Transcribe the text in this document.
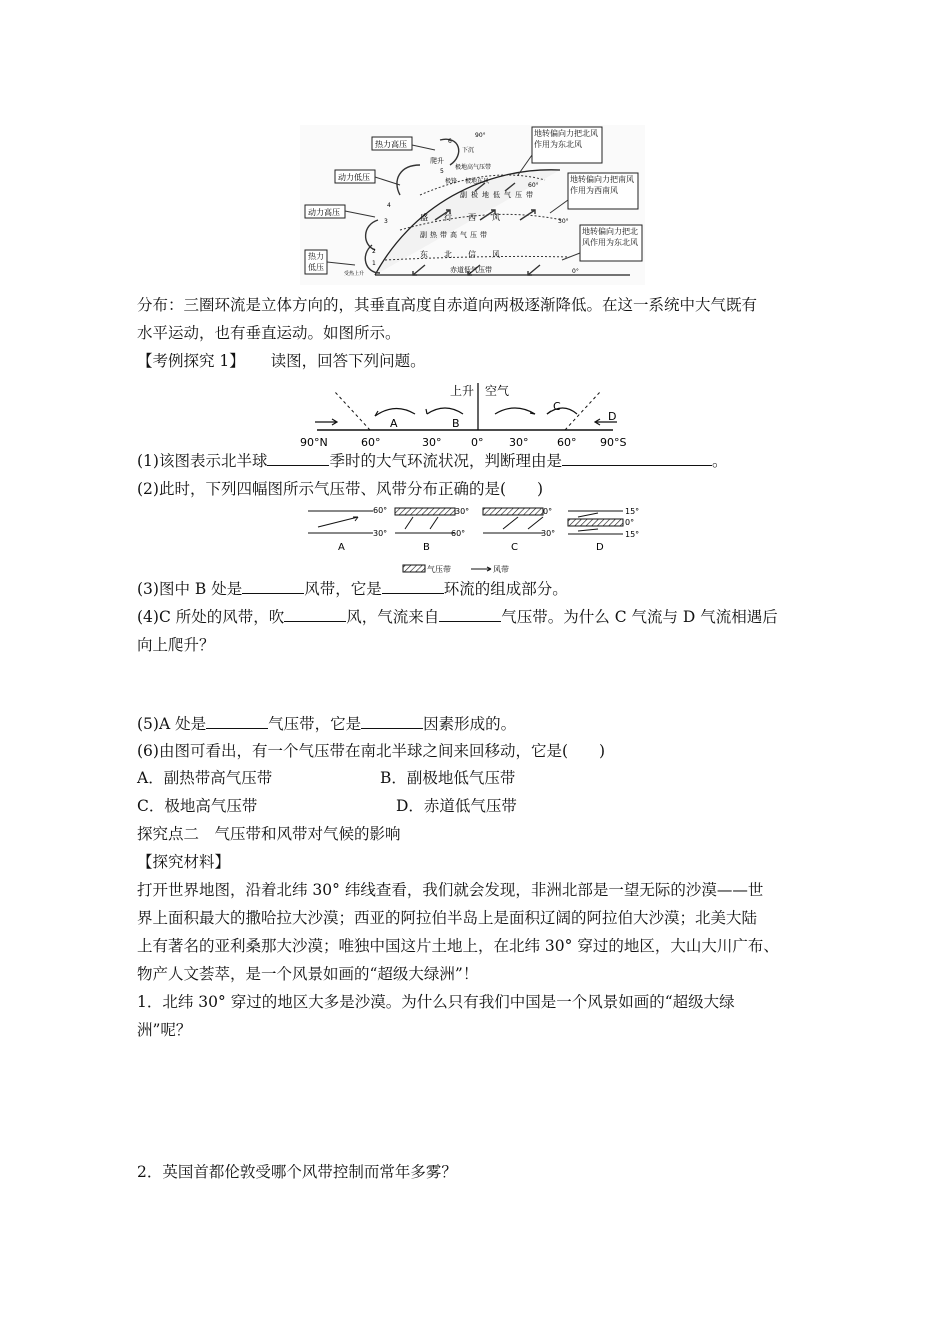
6
下沉
90°
爬升
5
极地高气压带
极锋 极地东风
副极地低气压带
60°
4
3	盛行西风	30°
副热带高气压带
东北信风
2
1
受热上升	赤道低气压带	0°
热力高压
动力低压
动力高压
热力低压
地转偏向力把北风作用为东北风
地转偏向力把南风作用为西南风
地转偏向力把北风作用为东北风
分布：三圈环流是立体方向的，其垂直高度自赤道向两极逐渐降低。在这一系统中大气既有
水平运动，也有垂直运动。如图所示。
【考例探究 1】 读图，回答下列问题。
上升 空气
A	B
C
D
90°N	60°	30°	0° 30°	60° 90°S
(1)该图表示北半球	季时的大气环流状况，判断理由是	。
(2)此时，下列四幅图所示气压带、风带分布正确的是(　　)
60°
30°
A
30°
60°
B
0°
30°
C
15°
0°
15°
D
气压带	风带
(3)图中 B 处是	风带，它是	环流的组成部分。
(4)C 所处的风带，吹	风，气流来自	气压带。为什么 C 气流与 D 气流相遇后
向上爬升？
(5)A 处是	气压带，它是	因素形成的。
(6)由图可看出，有一个气压带在南北半球之间来回移动，它是(　　)
A．副热带高气压带	B．副极地低气压带
C．极地高气压带	D．赤道低气压带
探究点二　气压带和风带对气候的影响
【探究材料】
打开世界地图，沿着北纬 30° 纬线查看，我们就会发现，非洲北部是一望无际的沙漠——世
界上面积最大的撒哈拉大沙漠；西亚的阿拉伯半岛上是面积辽阔的阿拉伯大沙漠；北美大陆
上有著名的亚利桑那大沙漠；唯独中国这片土地上，在北纬 30° 穿过的地区，大山大川广布、
物产人文荟萃，是一个风景如画的“超级大绿洲”！
1．北纬 30° 穿过的地区大多是沙漠。为什么只有我们中国是一个风景如画的“超级大绿
洲”呢？
2．英国首都伦敦受哪个风带控制而常年多雾？
